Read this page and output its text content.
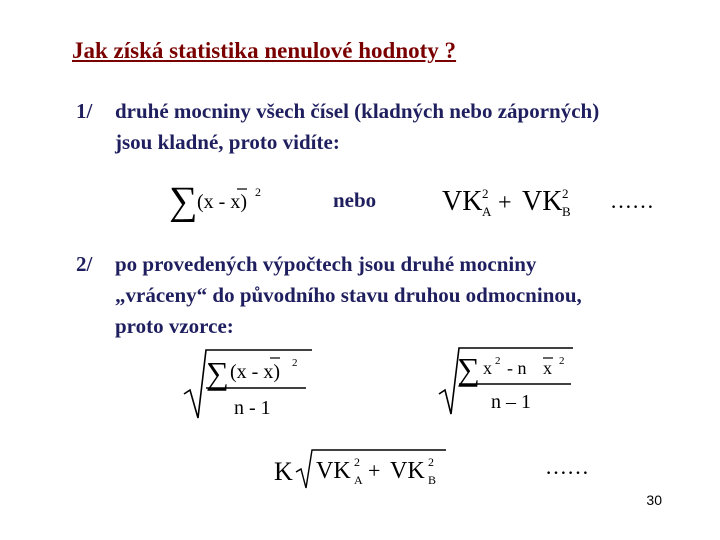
Jak získá statistika nenulové hodnoty ?
1/ druhé mocniny všech čísel (kladných nebo záporných)
jsou kladné, proto vidíte:
∑ (x - x) 2	nebo VK 2
A + VK 2
B ……
2/ po provedených výpočtech jsou druhé mocniny
„vráceny“ do původního stavu druhou odmocninou,
proto vzorce:
∑ (x - x) 2
n - 1
∑ x 2 - n x 2
n – 1
K VK 2
A + VK 2
B
……
30
